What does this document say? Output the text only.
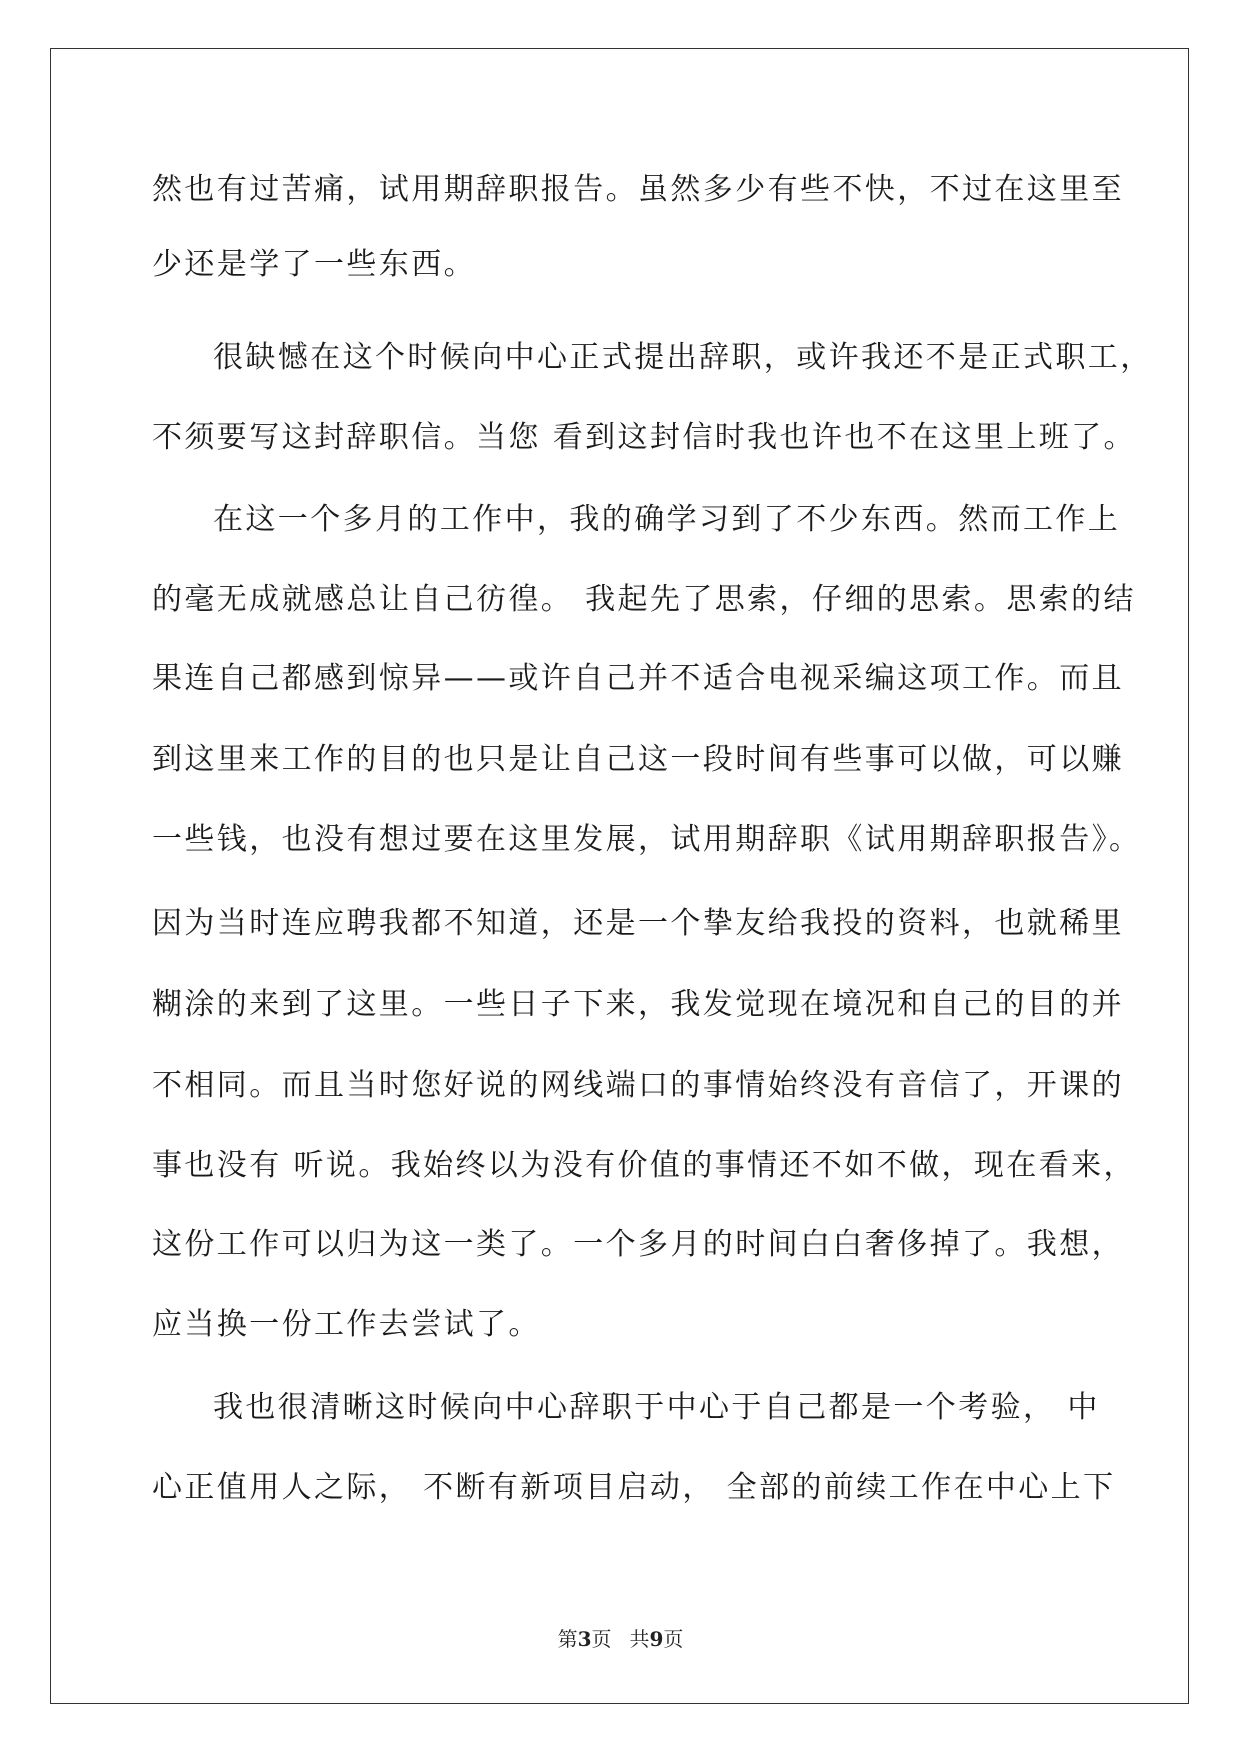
然也有过苦痛，试用期辞职报告。虽然多少有些不快，不过在这里至
少还是学了一些东西。
很缺憾在这个时候向中心正式提出辞职，或许我还不是正式职工，
不须要写这封辞职信。当您 看到这封信时我也许也不在这里上班了。
在这一个多月的工作中，我的确学习到了不少东西。然而工作上
的毫无成就感总让自己彷徨。 我起先了思索，仔细的思索。思索的结
果连自己都感到惊异——或许自己并不适合电视采编这项工作。而且
到这里来工作的目的也只是让自己这一段时间有些事可以做，可以赚
一些钱，也没有想过要在这里发展，试用期辞职《试用期辞职报告》。
因为当时连应聘我都不知道，还是一个挚友给我投的资料，也就稀里
糊涂的来到了这里。一些日子下来，我发觉现在境况和自己的目的并
不相同。而且当时您好说的网线端口的事情始终没有音信了，开课的
事也没有 听说。我始终以为没有价值的事情还不如不做，现在看来，
这份工作可以归为这一类了。一个多月的时间白白奢侈掉了。我想，
应当换一份工作去尝试了。
我也很清晰这时候向中心辞职于中心于自己都是一个考验， 中
心正值用人之际， 不断有新项目启动， 全部的前续工作在中心上下
第3页 共9页
